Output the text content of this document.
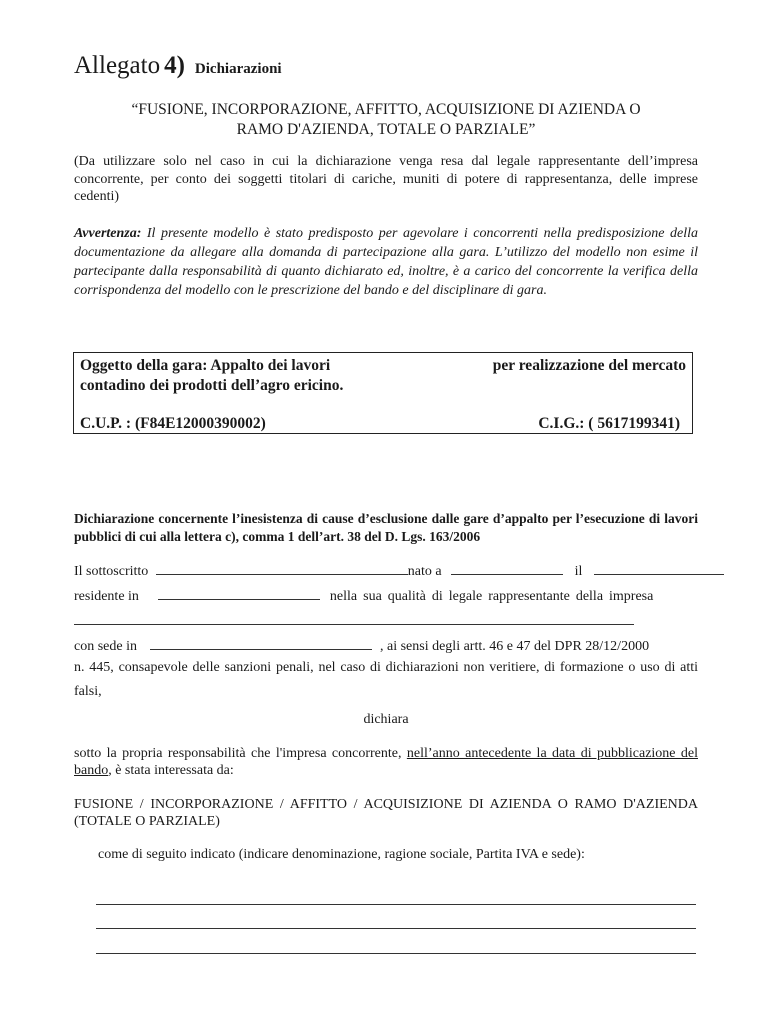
Allegato 4) Dichiarazioni
“FUSIONE, INCORPORAZIONE, AFFITTO, ACQUISIZIONE DI AZIENDA O
RAMO D'AZIENDA, TOTALE O PARZIALE”
(Da utilizzare solo nel caso in cui la dichiarazione venga resa dal legale rappresentante dell’impresa concorrente, per conto dei soggetti titolari di cariche, muniti di potere di rappresentanza, delle imprese cedenti)
Avvertenza: Il presente modello è stato predisposto per agevolare i concorrenti nella predisposizione della documentazione da allegare alla domanda di partecipazione alla gara. L’utilizzo del modello non esime il partecipante dalla responsabilità di quanto dichiarato ed, inoltre, è a carico del concorrente la verifica della corrispondenza del modello con le prescrizione del bando e del disciplinare di gara.
Oggetto della gara: Appalto dei lavori	per realizzazione del mercato
contadino dei prodotti dell’agro ericino.
C.U.P. : (F84E12000390002)	C.I.G.: ( 5617199341)
Dichiarazione concernente l’inesistenza di cause d’esclusione dalle gare d’appalto per l’esecuzione di lavori pubblici di cui alla lettera c), comma 1 dell’art. 38 del D. Lgs. 163/2006
Il sottoscritto	nato a	il
residente in	nella sua qualità di legale rappresentante della impresa
con sede in	, ai sensi degli artt. 46 e 47 del DPR 28/12/2000
n. 445, consapevole delle sanzioni penali, nel caso di dichiarazioni non veritiere, di formazione o uso di atti falsi,
dichiara
sotto la propria responsabilità che l'impresa concorrente, nell’anno antecedente la data di pubblicazione del bando, è stata interessata da:
FUSIONE / INCORPORAZIONE / AFFITTO / ACQUISIZIONE DI AZIENDA O RAMO D'AZIENDA (TOTALE O PARZIALE)
come di seguito indicato (indicare denominazione, ragione sociale, Partita IVA e sede):
